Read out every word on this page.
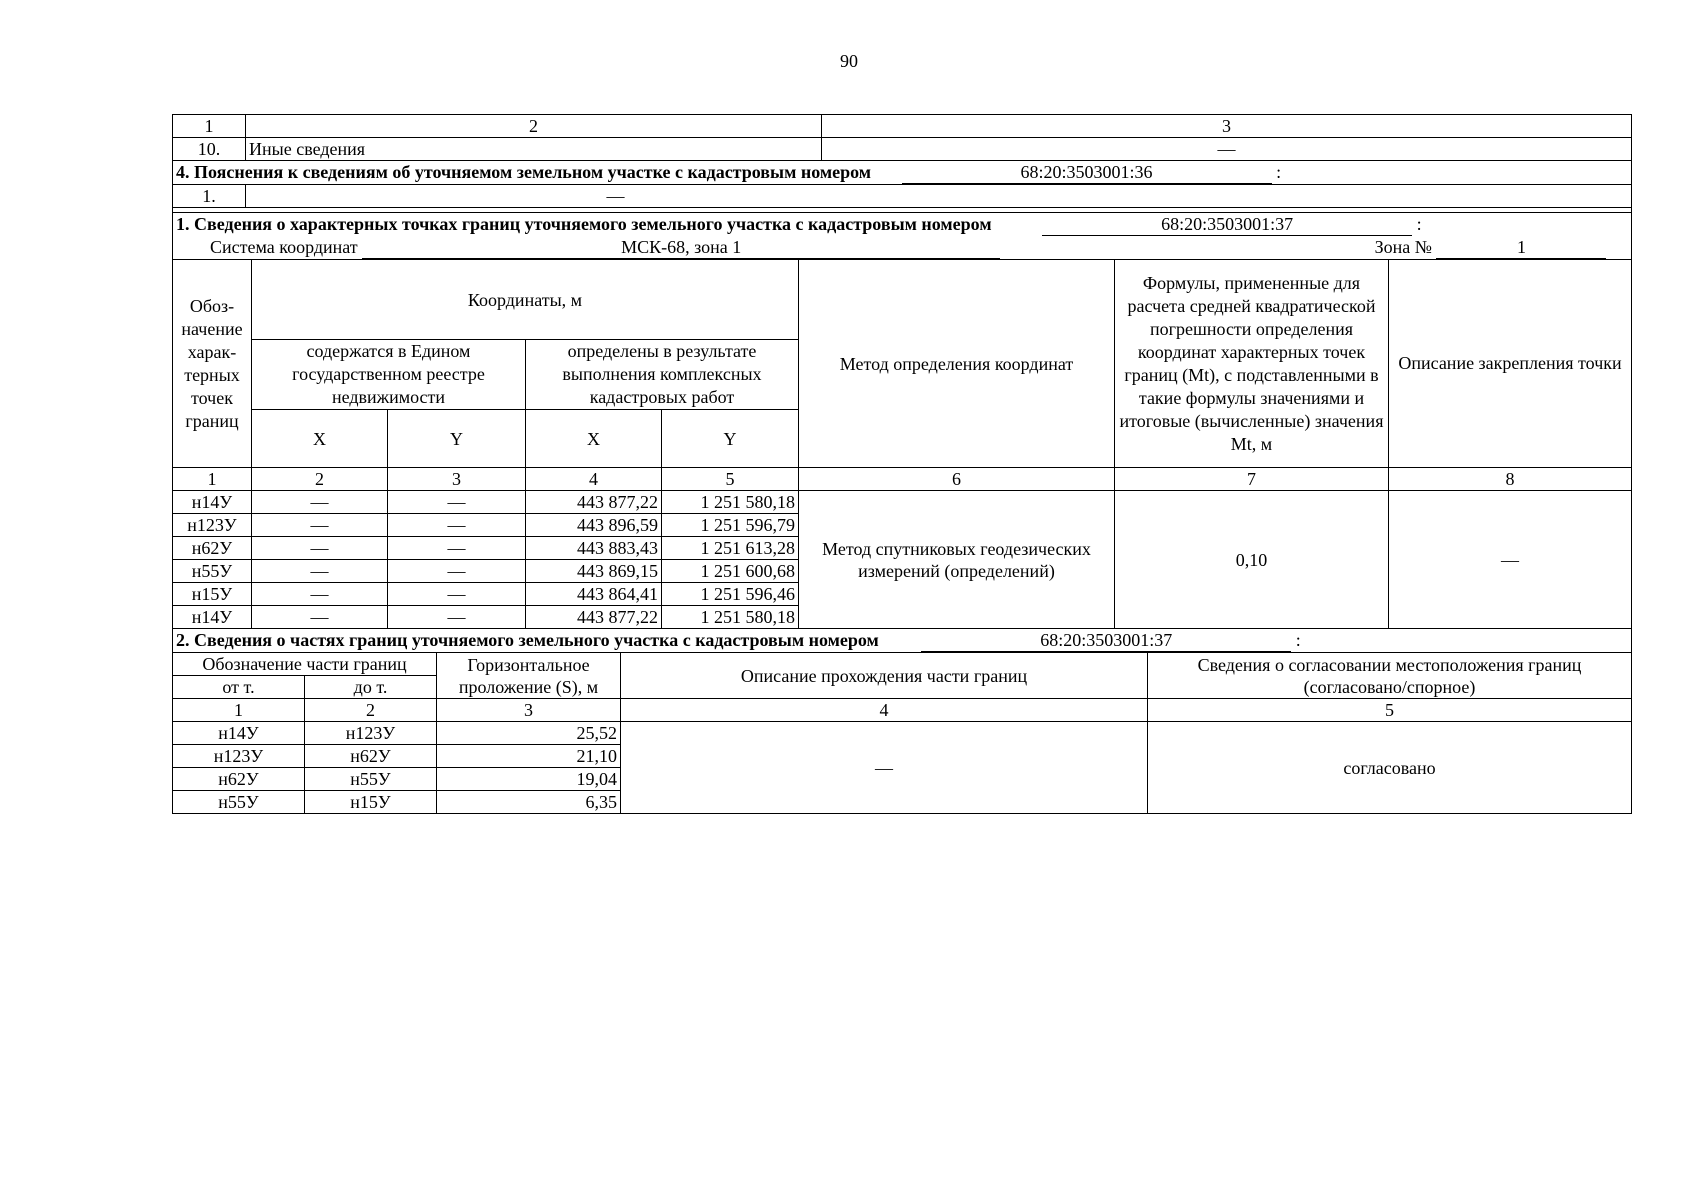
90
1	2	3
10.	Иные сведения	—
4. Пояснения к сведениям об уточняемом земельном участке с кадастровым номером 68:20:3503001:36 :		
1.	—	
1. Сведения о характерных точках границ уточняемого земельного участка с кадастровым номером 68:20:3503001:37 :							
Система координат МСК-68, зона 1 Зона № 1							
Обоз-начение харак-терных точек границ	Координаты, м				Метод определения координат	Формулы, примененные для расчета средней квадратической погрешности определения координат характерных точек границ (Mt), с подставленными в такие формулы значениями и итоговые (вычисленные) значения Mt, м	Описание закрепления точки
	содержатся в Едином государственном реестре недвижимости		определены в результате выполнения комплексных кадастровых работ				
	X	Y	X	Y			
1	2	3	4	5	6	7	8
н14У	—	—	443 877,22	1 251 580,18	Метод спутниковых геодезических измерений (определений)	0,10	—
н123У	—	—	443 896,59	1 251 596,79			
н62У	—	—	443 883,43	1 251 613,28			
н55У	—	—	443 869,15	1 251 600,68			
н15У	—	—	443 864,41	1 251 596,46			
н14У	—	—	443 877,22	1 251 580,18			
2. Сведения о частях границ уточняемого земельного участка с кадастровым номером 68:20:3503001:37 :				
Обозначение части границ		Горизонтальное проложение (S), м	Описание прохождения части границ	Сведения о согласовании местоположения границ (согласовано/спорное)
от т.	до т.			
1	2	3	4	5
н14У	н123У	25,52	—	согласовано
н123У	н62У	21,10		
н62У	н55У	19,04		
н55У	н15У	6,35		
